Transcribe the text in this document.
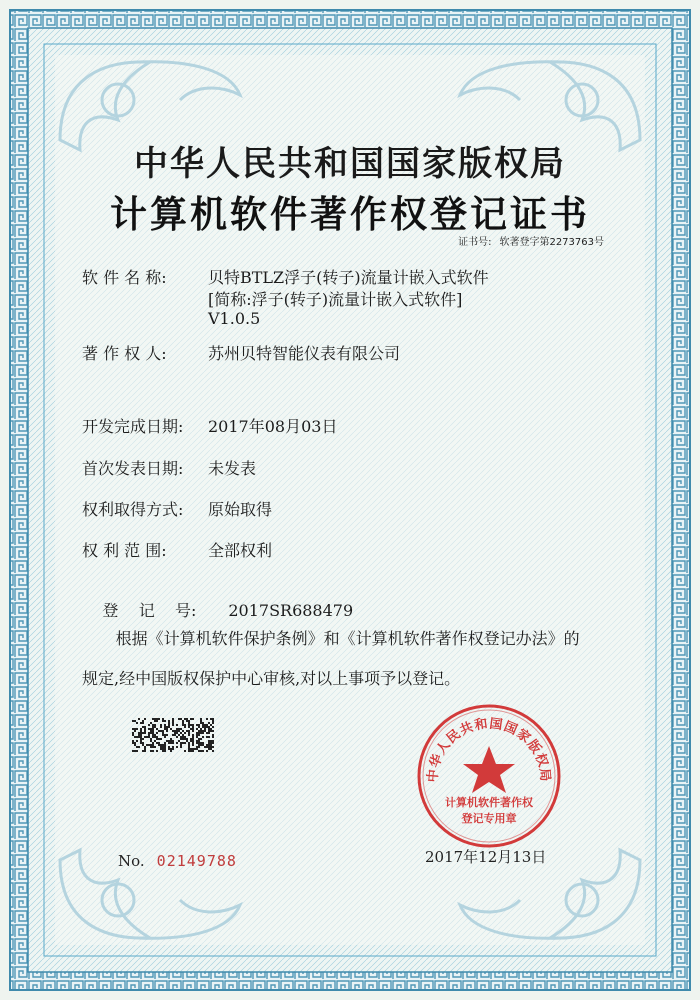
中华人民共和国国家版权局
计算机软件著作权登记证书
证书号: 软著登字第2273763号
软 件 名 称:	贝特BTLZ浮子(转子)流量计嵌入式软件
[简称:浮子(转子)流量计嵌入式软件]
V1.0.5
著 作 权 人:	苏州贝特智能仪表有限公司
开发完成日期: 2017年08月03日
首次发表日期: 未发表
权利取得方式: 原始取得
权 利 范 围:	全部权利

登    记    号: 2017SR688479

根据《计算机软件保护条例》和《计算机软件著作权登记办法》的

规定,经中国版权保护中心审核,对以上事项予以登记。

中华人民共和国国家版权局
计算机软件著作权
登记专用章
No. 02149788	2017年12月13日
